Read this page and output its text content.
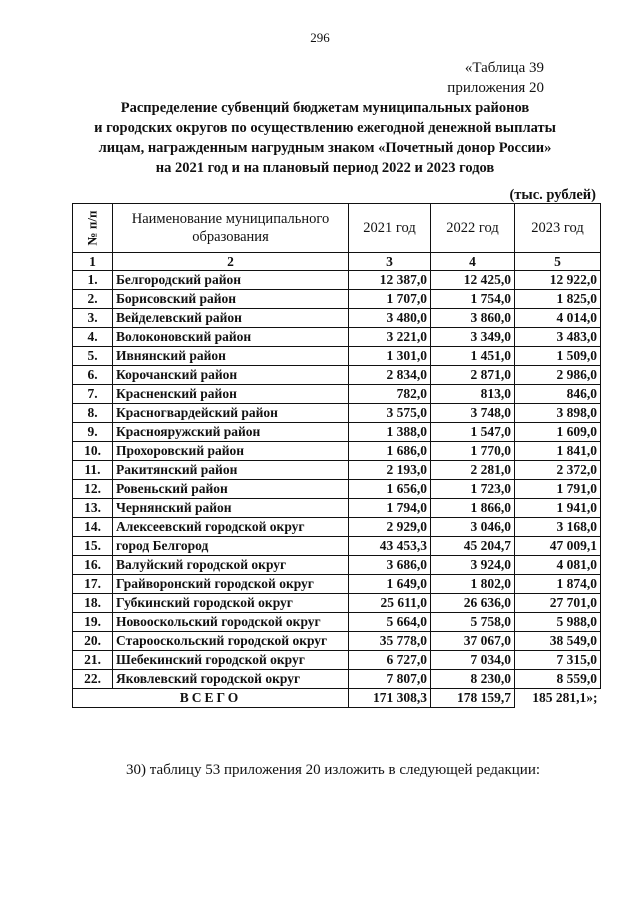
296
«Таблица 39
приложения 20
Распределение субвенций бюджетам муниципальных районов
и городских округов по осуществлению ежегодной денежной выплаты
лицам, награжденным нагрудным знаком «Почетный донор России»
на 2021 год и на плановый период 2022 и 2023 годов
(тыс. рублей)
№ п/п	Наименование муниципального образования	2021 год	2022 год	2023 год
1	2	3	4	5
1.	Белгородский район	12 387,0	12 425,0	12 922,0
2.	Борисовский район	1 707,0	1 754,0	1 825,0
3.	Вейделевский район	3 480,0	3 860,0	4 014,0
4.	Волоконовский район	3 221,0	3 349,0	3 483,0
5.	Ивнянский район	1 301,0	1 451,0	1 509,0
6.	Корочанский район	2 834,0	2 871,0	2 986,0
7.	Красненский район	782,0	813,0	846,0
8.	Красногвардейский район	3 575,0	3 748,0	3 898,0
9.	Краснояружский район	1 388,0	1 547,0	1 609,0
10.	Прохоровский район	1 686,0	1 770,0	1 841,0
11.	Ракитянский район	2 193,0	2 281,0	2 372,0
12.	Ровеньский район	1 656,0	1 723,0	1 791,0
13.	Чернянский район	1 794,0	1 866,0	1 941,0
14.	Алексеевский городской округ	2 929,0	3 046,0	3 168,0
15.	город Белгород	43 453,3	45 204,7	47 009,1
16.	Валуйский городской округ	3 686,0	3 924,0	4 081,0
17.	Грайворонский городской округ	1 649,0	1 802,0	1 874,0
18.	Губкинский городской округ	25 611,0	26 636,0	27 701,0
19.	Новооскольский городской округ	5 664,0	5 758,0	5 988,0
20.	Старооскольский городской округ	35 778,0	37 067,0	38 549,0
21.	Шебекинский городской округ	6 727,0	7 034,0	7 315,0
22.	Яковлевский городской округ	7 807,0	8 230,0	8 559,0
ВСЕГО		171 308,3	178 159,7	185 281,1»;
30) таблицу 53 приложения 20 изложить в следующей редакции:
